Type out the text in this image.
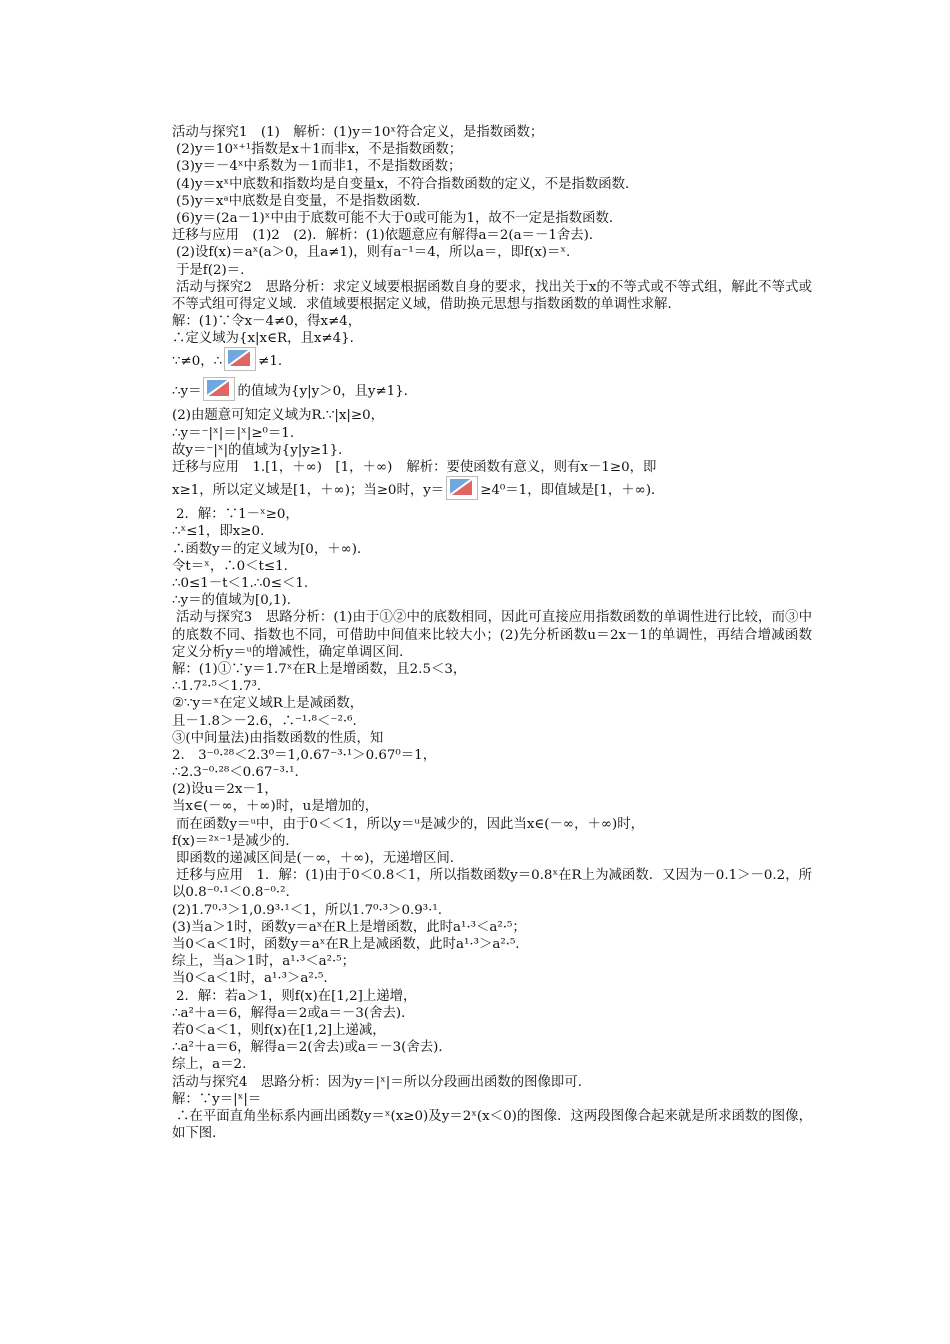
活动与探究1　(1)　解析：(1)y＝10ˣ符合定义，是指数函数；
(2)y＝10ˣ⁺¹指数是x＋1而非x，不是指数函数；
(3)y＝－4ˣ中系数为－1而非1，不是指数函数；
(4)y＝xˣ中底数和指数均是自变量x，不符合指数函数的定义，不是指数函数．
(5)y＝xᵃ中底数是自变量，不是指数函数．
(6)y＝(2a－1)ˣ中由于底数可能不大于0或可能为1，故不一定是指数函数．
迁移与应用　(1)2　(2)．解析：(1)依题意应有解得a＝2(a＝－1舍去)．
(2)设f(x)＝aˣ(a＞0，且a≠1)，则有a⁻¹＝4，所以a＝，即f(x)＝ˣ.
于是f(2)＝.
活动与探究2　思路分析：求定义域要根据函数自身的要求，找出关于x的不等式或不等式组，解此不等式或不等式组可得定义域．求值域要根据定义域，借助换元思想与指数函数的单调性求解．
解：(1)∵令x－4≠0，得x≠4，
∴定义域为{x|x∈R，且x≠4}．
∵≠0，∴	≠1.
∴y＝	的值域为{y|y＞0，且y≠1}．
(2)由题意可知定义域为R.∵|x|≥0，
∴y＝⁻|ˣ|＝|ˣ|≥⁰＝1.
故y＝⁻|ˣ|的值域为{y|y≥1}．
迁移与应用　1.[1，＋∞)　[1，＋∞) 解析：要使函数有意义，则有x－1≥0，即
x≥1，所以定义域是[1，＋∞)；当≥0时，y＝	≥4⁰＝1，即值域是[1，＋∞)．
2．解：∵1－ˣ≥0，
∴ˣ≤1，即x≥0.
∴函数y＝的定义域为[0，＋∞)．
令t＝ˣ，∴0＜t≤1.
∴0≤1－t＜1.∴0≤＜1.
∴y＝的值域为[0,1)．
活动与探究3　思路分析：(1)由于①②中的底数相同，因此可直接应用指数函数的单调性进行比较，而③中的底数不同、指数也不同，可借助中间值来比较大小；(2)先分析函数u＝2x－1的单调性，再结合增减函数定义分析y＝ᵘ的增减性，确定单调区间．
解：(1)①∵y＝1.7ˣ在R上是增函数，且2.5＜3，
∴1.7²·⁵＜1.7³.
②∵y＝ˣ在定义域R上是减函数，
且－1.8＞－2.6，∴⁻¹·⁸＜⁻²·⁶.
③(中间量法)由指数函数的性质，知
2.　3⁻⁰·²⁸＜2.3⁰＝1,0.67⁻³·¹＞0.67⁰＝1，
∴2.3⁻⁰·²⁸＜0.67⁻³·¹.
(2)设u＝2x－1，
当x∈(－∞，＋∞)时，u是增加的，
而在函数y＝ᵘ中，由于0＜＜1，所以y＝ᵘ是减少的，因此当x∈(－∞，＋∞)时，
f(x)＝²ˣ⁻¹是减少的．
即函数的递减区间是(－∞，＋∞)，无递增区间．
迁移与应用　1．解：(1)由于0＜0.8＜1，所以指数函数y＝0.8ˣ在R上为减函数．又因为－0.1＞－0.2，所以0.8⁻⁰·¹＜0.8⁻⁰·².
(2)1.7⁰·³＞1,0.9³·¹＜1，所以1.7⁰·³＞0.9³·¹.
(3)当a＞1时，函数y＝aˣ在R上是增函数，此时a¹·³＜a²·⁵；
当0＜a＜1时，函数y＝aˣ在R上是减函数，此时a¹·³＞a²·⁵.
综上，当a＞1时，a¹·³＜a²·⁵；
当0＜a＜1时，a¹·³＞a²·⁵.
2．解：若a＞1，则f(x)在[1,2]上递增，
∴a²＋a＝6，解得a＝2或a＝－3(舍去)．
若0＜a＜1，则f(x)在[1,2]上递减，
∴a²＋a＝6，解得a＝2(舍去)或a＝－3(舍去)．
综上，a＝2.
活动与探究4　思路分析：因为y＝|ˣ|＝所以分段画出函数的图像即可．
解：∵y＝|ˣ|＝
∴在平面直角坐标系内画出函数y＝ˣ(x≥0)及y＝2ˣ(x＜0)的图像．这两段图像合起来就是所求函数的图像，如下图．
